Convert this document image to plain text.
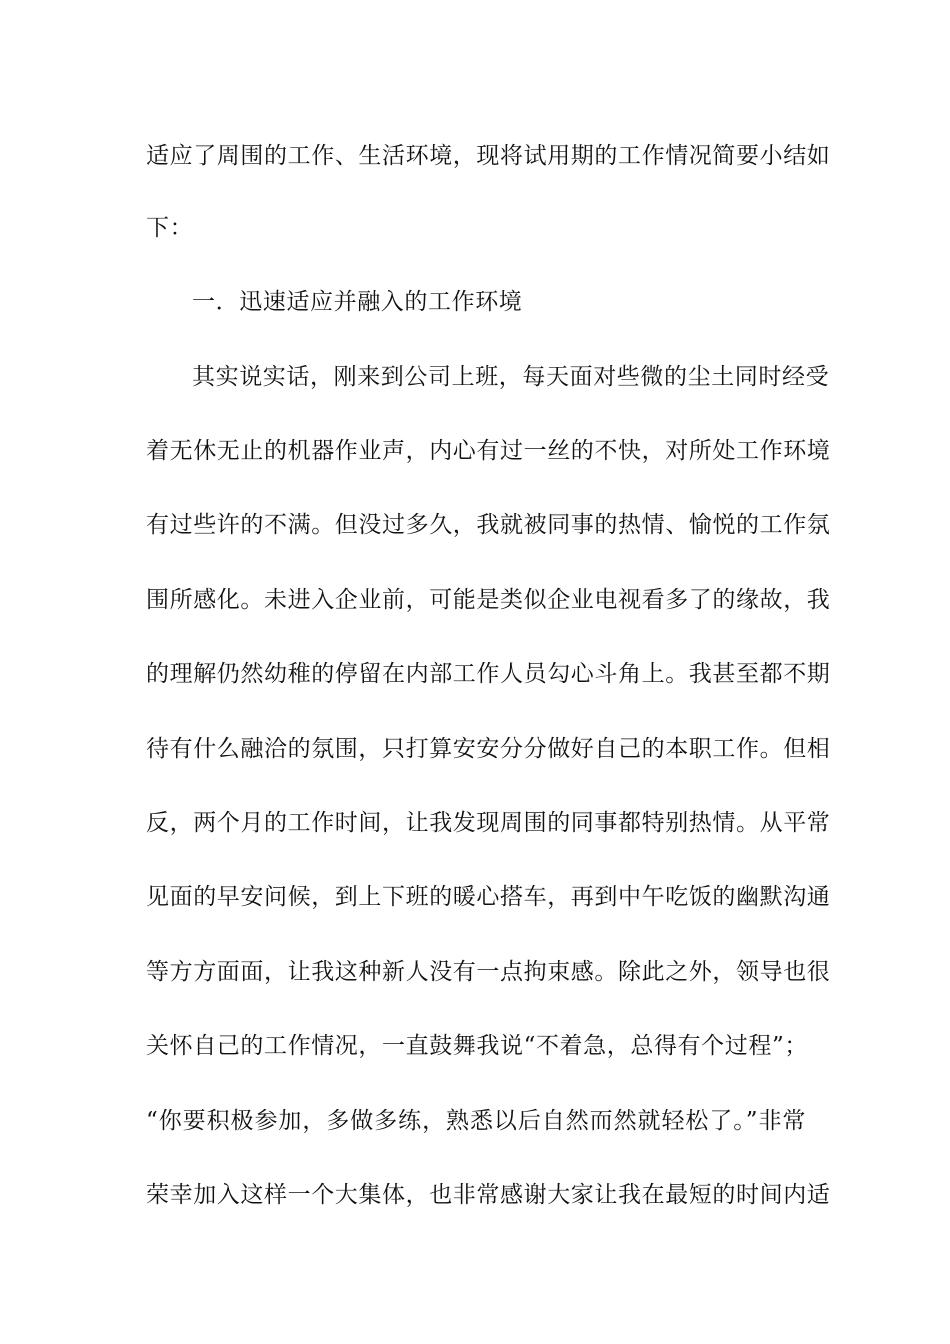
适应了周围的工作、生活环境，现将试用期的工作情况简要小结如
下：
一．迅速适应并融入的工作环境
其实说实话，刚来到公司上班，每天面对些微的尘土同时经受
着无休无止的机器作业声，内心有过一丝的不快，对所处工作环境
有过些许的不满。但没过多久，我就被同事的热情、愉悦的工作氛
围所感化。未进入企业前，可能是类似企业电视看多了的缘故，我
的理解仍然幼稚的停留在内部工作人员勾心斗角上。我甚至都不期
待有什么融洽的氛围，只打算安安分分做好自己的本职工作。但相
反，两个月的工作时间，让我发现周围的同事都特别热情。从平常
见面的早安问候，到上下班的暖心搭车，再到中午吃饭的幽默沟通
等方方面面，让我这种新人没有一点拘束感。除此之外，领导也很
关怀自己的工作情况，一直鼓舞我说“不着急，总得有个过程”；
“你要积极参加，多做多练，熟悉以后自然而然就轻松了。”非常
荣幸加入这样一个大集体，也非常感谢大家让我在最短的时间内适
